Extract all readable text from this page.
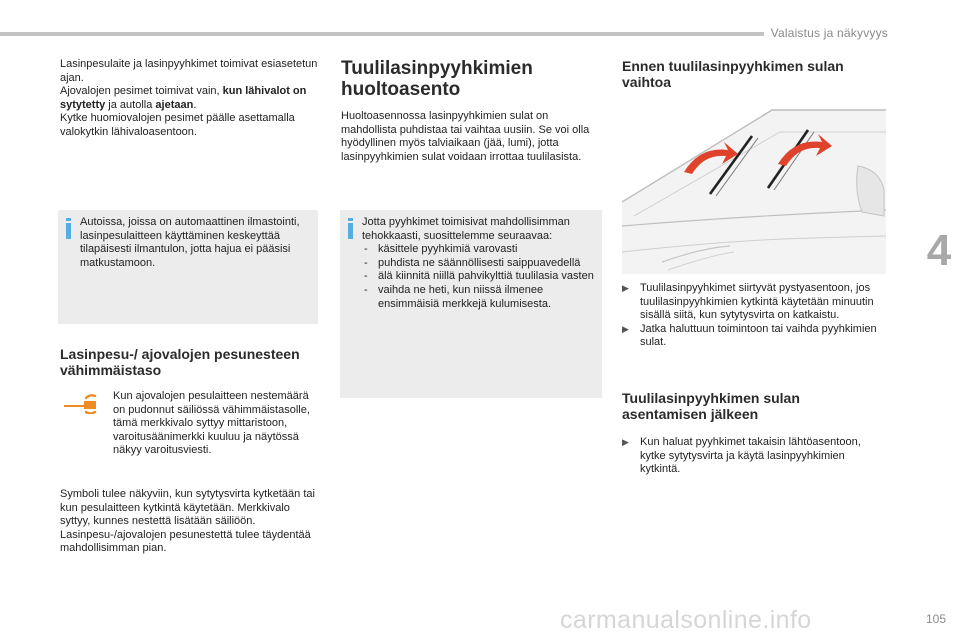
Valaistus ja näkyvyys
4

Lasinpesulaite ja lasinpyyhkimet toimivat esiasetetun ajan.

Ajovalojen pesimet toimivat vain, kun lähivalot on sytytetty ja autolla ajetaan.

Kytke huomiovalojen pesimet päälle asettamalla valokytkin lähivaloasentoon.

Autoissa, joissa on automaattinen ilmastointi, lasinpesulaitteen käyttäminen keskeyttää tilapäisesti ilmantulon, jotta hajua ei pääsisi matkustamoon.
Lasinpesu-/ ajovalojen pesunesteen vähimmäistaso
Kun ajovalojen pesulaitteen nestemäärä on pudonnut säiliössä vähimmäistasolle, tämä merkkivalo syttyy mittaristoon, varoitusäänimerkki kuuluu ja näytössä näkyy varoitusviesti.

Symboli tulee näkyviin, kun sytytysvirta kytketään tai kun pesulaitteen kytkintä käytetään. Merkkivalo syttyy, kunnes nestettä lisätään säiliöön.

Lasinpesu-/ajovalojen pesunestettä tulee täydentää mahdollisimman pian.

Tuulilasinpyyhkimien huoltoasento
Huoltoasennossa lasinpyyhkimien sulat on mahdollista puhdistaa tai vaihtaa uusiin. Se voi olla hyödyllinen myös talviaikaan (jää, lumi), jotta lasinpyyhkimien sulat voidaan irrottaa tuulilasista.
Jotta pyyhkimet toimisivat mahdollisimman tehokkaasti, suosittelemme seuraavaa:
- käsittele pyyhkimiä varovasti
- puhdista ne säännöllisesti saippuavedellä
- älä kiinnitä niillä pahvikylttiä tuulilasia vasten
- vaihda ne heti, kun niissä ilmenee ensimmäisiä merkkejä kulumisesta.
Ennen tuulilasinpyyhkimen sulan vaihtoa
▶ Tuulilasinpyyhkimet siirtyvät pystyasentoon, jos tuulilasinpyyhkimien kytkintä käytetään minuutin sisällä siitä, kun sytytysvirta on katkaistu.
▶ Jatka haluttuun toimintoon tai vaihda pyyhkimien sulat.
Tuulilasinpyyhkimen sulan asentamisen jälkeen
▶ Kun haluat pyyhkimet takaisin lähtöasentoon, kytke sytytysvirta ja käytä lasinpyyhkimien kytkintä.
carmanualsonline.info	105
